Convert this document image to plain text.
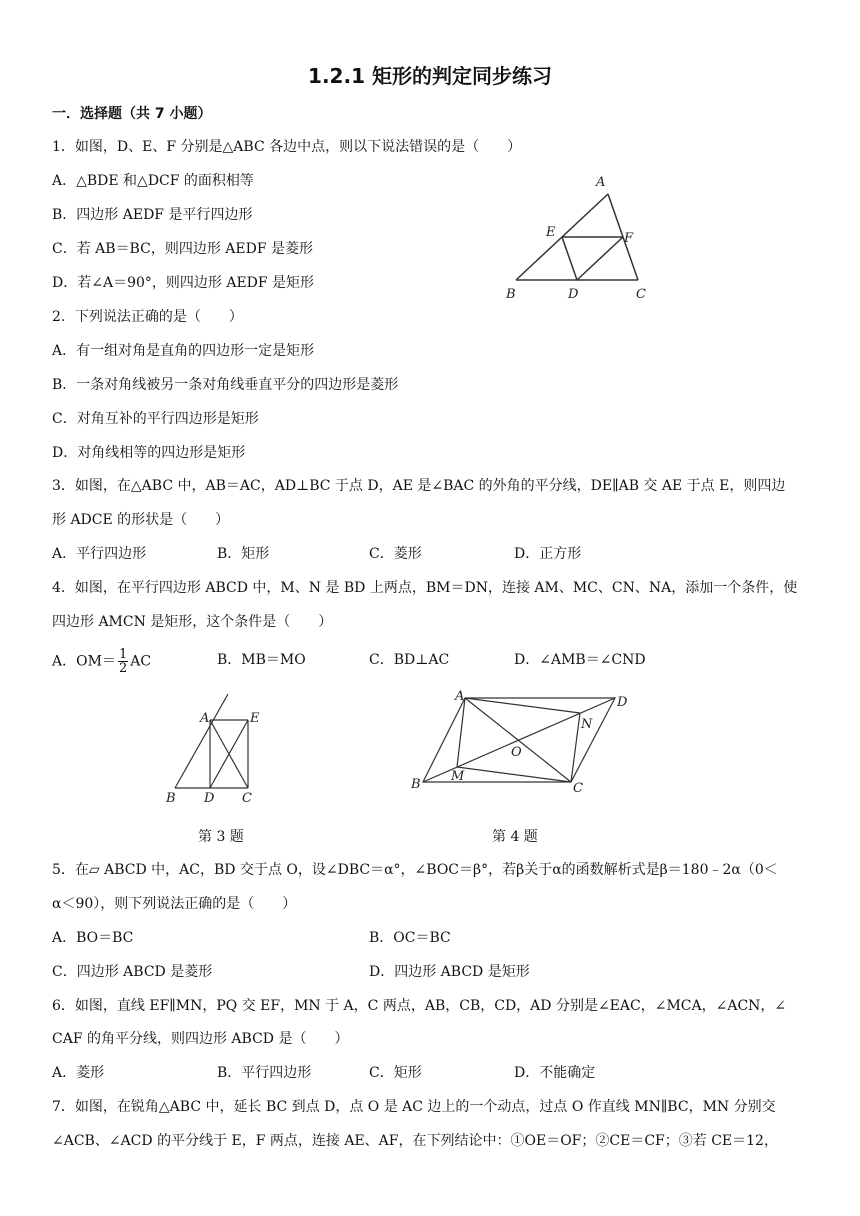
1.2.1 矩形的判定同步练习
一．选择题（共 7 小题）
1．如图，D、E、F 分别是△ABC 各边中点，则以下说法错误的是（　　）
A．△BDE 和△DCF 的面积相等
B．四边形 AEDF 是平行四边形
C．若 AB＝BC，则四边形 AEDF 是菱形
D．若∠A＝90°，则四边形 AEDF 是矩形
A
E	F
B	D	C
2．下列说法正确的是（　　）
A．有一组对角是直角的四边形一定是矩形
B．一条对角线被另一条对角线垂直平分的四边形是菱形
C．对角互补的平行四边形是矩形
D．对角线相等的四边形是矩形
3．如图，在△ABC 中，AB＝AC，AD⊥BC 于点 D，AE 是∠BAC 的外角的平分线，DE∥AB 交 AE 于点 E，则四边
形 ADCE 的形状是（　　）
A．平行四边形	B．矩形	C．菱形	D．正方形
4．如图，在平行四边形 ABCD 中，M、N 是 BD 上两点，BM＝DN，连接 AM、MC、CN、NA，添加一个条件，使
四边形 AMCN 是矩形，这个条件是（　　）
A．$OM= \frac{1}{2}$ AC	B．MB＝MO	C．BD⊥AC	D．∠AMB＝∠CND
A	E
B D C
第 3 题
A	D
N
O
M
B	C
第 4 题
5．在▱ ABCD 中，AC，BD 交于点 O，设∠DBC＝α°，∠BOC＝β°，若β关于α的函数解析式是β＝180﹣2α（0＜
α＜90），则下列说法正确的是（　　）
A．BO＝BC	B．OC＝BC
C．四边形 ABCD 是菱形	D．四边形 ABCD 是矩形
6．如图，直线 EF∥MN，PQ 交 EF，MN 于 A，C 两点，AB，CB，CD，AD 分别是∠EAC，∠MCA，∠ACN，∠
CAF 的角平分线，则四边形 ABCD 是（　　）
A．菱形	B．平行四边形	C．矩形	D．不能确定
7．如图，在锐角△ABC 中，延长 BC 到点 D，点 O 是 AC 边上的一个动点，过点 O 作直线 MN∥BC，MN 分别交
∠ACB、∠ACD 的平分线于 E，F 两点，连接 AE、AF，在下列结论中：①OE＝OF；②CE＝CF；③若 CE＝12，
